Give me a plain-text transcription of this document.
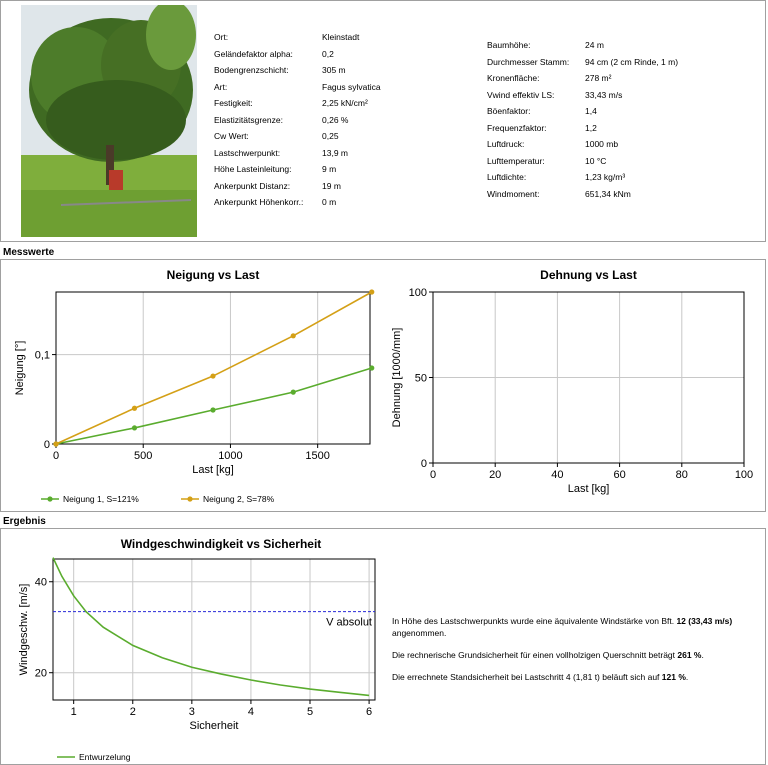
Ort:	Kleinstadt
Geländefaktor alpha:	0,2
Bodengrenzschicht:	305 m
Art:	Fagus sylvatica
Festigkeit:	2,25 kN/cm²
Elastizitätsgrenze:	0,26 %
Cw Wert:	0,25
Lastschwerpunkt:	13,9 m
Höhe Lasteinleitung:	9 m
Ankerpunkt Distanz:	19 m
Ankerpunkt Höhenkorr.:	0 m
Baumhöhe:	24 m
Durchmesser Stamm:	94 cm (2 cm Rinde, 1 m)
Kronenfläche:	278 m²
Vwind effektiv LS:	33,43 m/s
Böenfaktor:	1,4
Frequenzfaktor:	1,2
Luftdruck:	1000 mb
Lufttemperatur:	10 °C
Luftdichte:	1,23 kg/m³
Windmoment:	651,34 kNm
Messwerte
Neigung vs Last
0	500	1000	1500
0
0,1
Last [kg]
Neigung [°]
Neigung 1, S=121%	Neigung 2, S=78%
Dehnung vs Last
0	20	40	60	80	100
0
50
100
Last [kg]
Dehnung [1000/mm]
Ergebnis
Windgeschwindigkeit vs Sicherheit
1	2	3	4	5	6
20
40
Sicherheit
Windgeschw. [m/s]	V absolut
Entwurzelung

In Höhe des Lastschwerpunkts wurde eine äquivalente Windstärke von Bft. 12 (33,43 m/s) angenommen.

Die rechnerische Grundsicherheit für einen vollholzigen Querschnitt beträgt 261 %.

Die errechnete Standsicherheit bei Lastschritt 4 (1,81 t) beläuft sich auf 121 %.
